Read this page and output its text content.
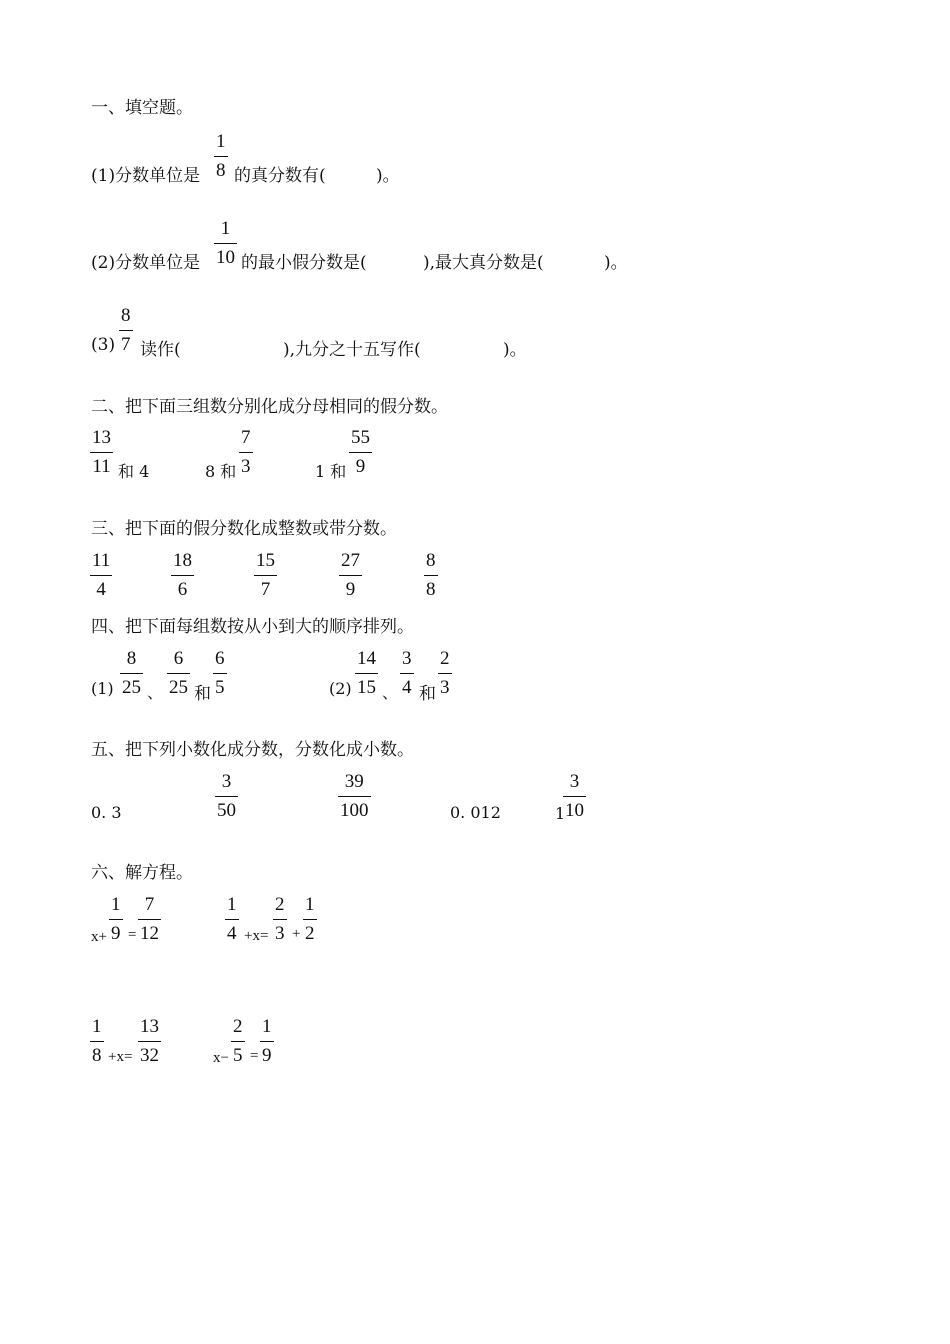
一、填空题。
(1)分数单位是
1
8 的真分数有(	)。
(2)分数单位是
1
10 的最小假分数是(	),最大真分数是(	)。
(3)
8
7 读作(	),九分之十五写作(	)。
二、把下面三组数分别化成分母相同的假分数。
13
11 和 4	8 和
7
3	1 和
55
9
三、把下面的假分数化成整数或带分数。
11
4
18
6
15
7
27
9
8
8
四、把下面每组数按从小到大的顺序排列。
(1)
8
25 、
6
25 和
6
5	(2)
14
15 、
3
4 和
2
3
五、把下列小数化成分数，分数化成小数。
0. 3
3
50
39
100	0. 012	1
3
10
六、解方程。
x+
1
9 =
7
12
1
4 +x=
2
3 +
1
2
1
8 +x=
13
32	x−
2
5 =
1
9
